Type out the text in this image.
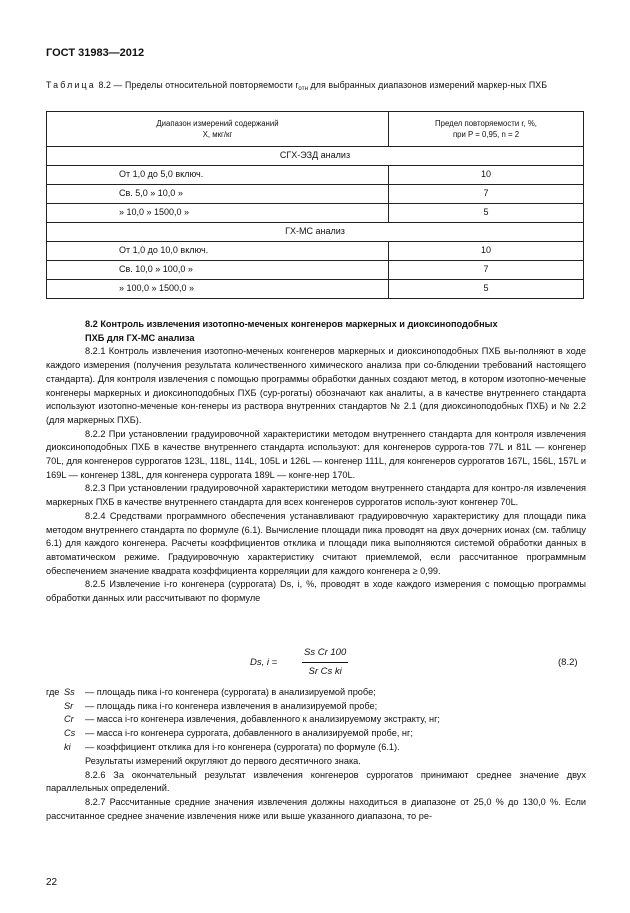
ГОСТ 31983—2012
Таблица 8.2 — Пределы относительной повторяемости $r_{отн}$ для выбранных диапазонов измерений маркер-ных ПХБ
Диапазон измерений содержаний
X, мкг/кг	Предел повторяемости r, %,
при P = 0,95, n = 2
СГХ-ЭЗД анализ	
От 1,0 до 5,0 включ.	10
Св. 5,0 » 10,0 »	7
» 10,0 » 1500,0 »	5
ГХ-МС анализ	
От 1,0 до 10,0 включ.	10
Св. 10,0 » 100,0 »	7
» 100,0 » 1500,0 »	5
8.2 Контроль извлечения изотопно-меченых конгенеров маркерных и диоксиноподобных
ПХБ для ГХ-МС анализа

8.2.1 Контроль извлечения изотопно-меченых конгенеров маркерных и диоксиноподобных ПХБ вы-полняют в ходе каждого измерения (получения результата количественного химического анализа при со-блюдении требований настоящего стандарта). Для контроля извлечения с помощью программы обработки данных создают метод, в котором изотопно-меченые конгенеры маркерных и диоксиноподобных ПХБ (сур-рогаты) обозначают как аналиты, а в качестве внутреннего стандарта используют изотопно-меченые кон-генеры из раствора внутренних стандартов № 2.1 (для диоксиноподобных ПХБ) и № 2.2 (для маркерных ПХБ).

8.2.2 При установлении градуировочной характеристики методом внутреннего стандарта для контроля извлечения диоксиноподобных ПХБ в качестве внутреннего стандарта используют: для конгенеров суррога-тов 77L и 81L — конгенер 70L, для конгенеров суррогатов 123L, 118L, 114L, 105L и 126L — конгенер 111L, для конгенеров суррогатов 167L, 156L, 157L и 169L — конгенер 138L, для конгенера суррогата 189L — конге-нер 170L.

8.2.3 При установлении градуировочной характеристики методом внутреннего стандарта для контро-ля извлечения маркерных ПХБ в качестве внутреннего стандарта для всех конгенеров суррогатов исполь-зуют конгенер 70L.

8.2.4 Средствами программного обеспечения устанавливают градуировочную характеристику для площади пика методом внутреннего стандарта по формуле (6.1). Вычисление площади пика проводят на двух дочерних ионах (см. таблицу 6.1) для каждого конгенера. Расчеты коэффициентов отклика и площади пика выполняются системой обработки данных в автоматическом режиме. Градуировочную характеристику считают приемлемой, если рассчитанное программным обеспечением значение квадрата коэффициента корреляции для каждого конгенера ≥ 0,99.

8.2.5 Извлечение i-го конгенера (суррогата) Ds, i, %, проводят в ходе каждого измерения с помощью программы обработки данных или рассчитывают по формуле

Ds, i =	$\frac{\text{Ss Cr 100}}{\text{Sr Cs ki}}$	(8.2)
где Ss — площадь пика i-го конгенера (суррогата) в анализируемой пробе;
Sr — площадь пика i-го конгенера извлечения в анализируемой пробе;
Cr — масса i-го конгенера извлечения, добавленного к анализируемому экстракту, нг;
Cs — масса i-го конгенера суррогата, добавленного в анализируемой пробе, нг;
ki — коэффициент отклика для i-го конгенера (суррогата) по формуле (6.1).

Результаты измерений округляют до первого десятичного знака.

8.2.6 За окончательный результат извлечения конгенеров суррогатов принимают среднее значение двух параллельных определений.

8.2.7 Рассчитанные средние значения извлечения должны находиться в диапазоне от 25,0 % до 130,0 %. Если рассчитанное среднее значение извлечения ниже или выше указанного диапазона, то ре-

22
